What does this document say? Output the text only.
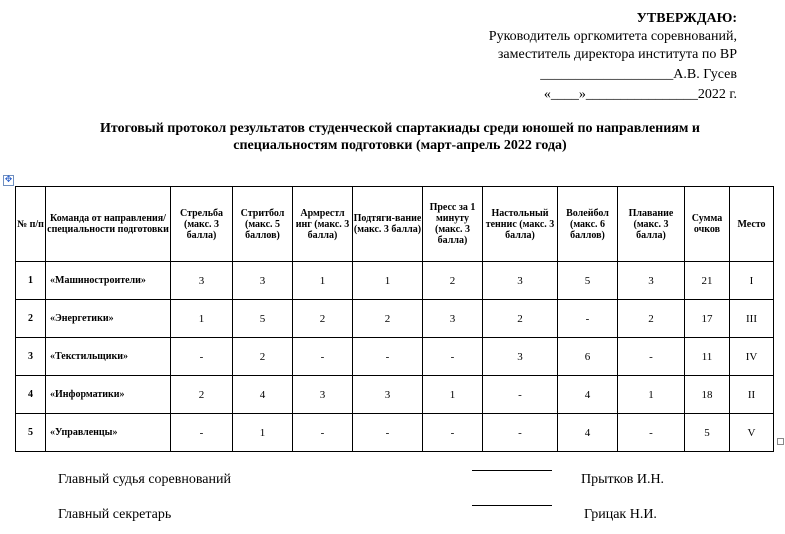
УТВЕРЖДАЮ:
Руководитель оргкомитета соревнований,
заместитель директора института по ВР
___________________А.В. Гусев
«____»________________2022 г.
Итоговый протокол результатов студенческой спартакиады среди юношей по направлениям и
специальностям подготовки (март-апрель 2022 года)
✥
№ п/п	Команда от направления/ специальности подготовки	Стрельба (макс. 3 балла)	Стритбол (макс. 5 баллов)	Армрестл инг (макс. 3 балла)	Подтяги-вание (макс. 3 балла)	Пресс за 1 минуту (макс. 3 балла)	Настольный теннис (макс. 3 балла)	Волейбол (макс. 6 баллов)	Плавание (макс. 3 балла)	Сумма очков	Место
1	«Машиностроители»	3	3	1	1	2	3	5	3	21	I
2	«Энергетики»	1	5	2	2	3	2	-	2	17	III
3	«Текстильщики»	-	2	-	-	-	3	6	-	11	IV
4	«Информатики»	2	4	3	3	1	-	4	1	18	II
5	«Управленцы»	-	1	-	-	-	-	4	-	5	V
Главный судья соревнований	Прытков И.Н.
Главный секретарь	Грицак Н.И.
